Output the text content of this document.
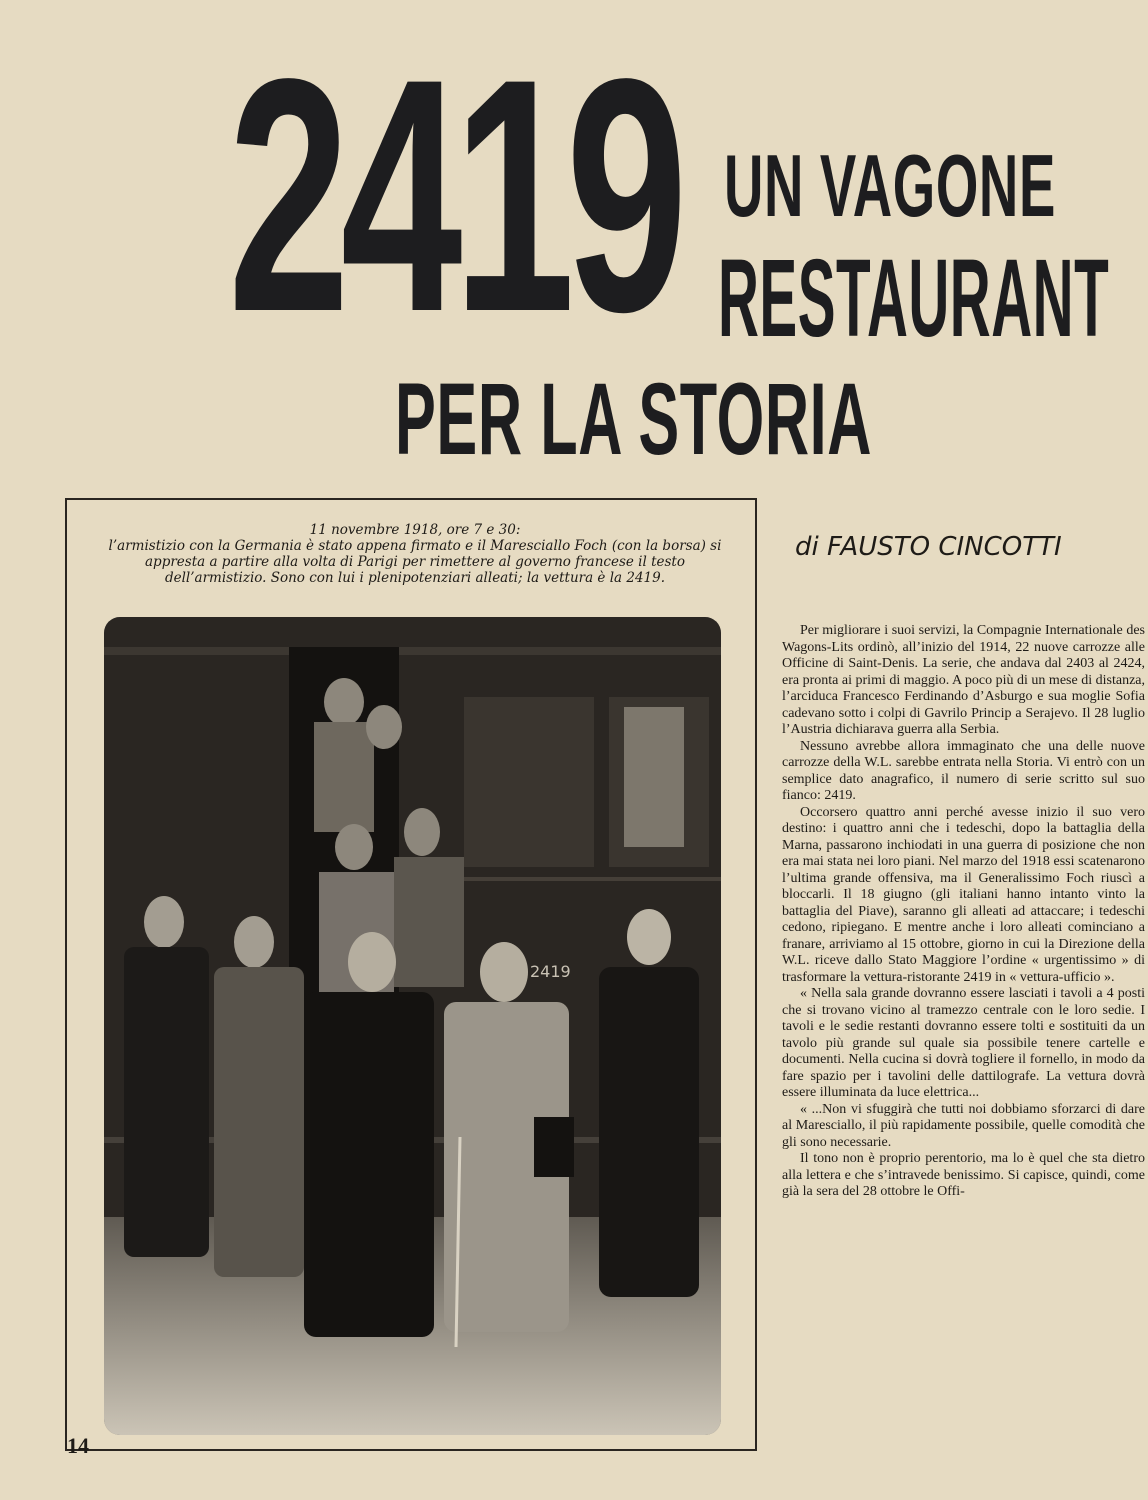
2419 UN VAGONE
RESTAURANT
PER LA STORIA

11 novembre 1918, ore 7 e 30:

l’armistizio con la Germania è stato appena firmato e il Maresciallo Foch (con la borsa) si appresta a partire alla volta di Parigi per rimettere al governo francese il testo dell’armistizio. Sono con lui i plenipotenziari alleati; la vettura è la 2419.

2419
di FAUSTO CINCOTTI

Per migliorare i suoi servizi, la Compagnie Internationale des Wagons-Lits ordinò, all’inizio del 1914, 22 nuove carrozze alle Officine di Saint-Denis. La serie, che andava dal 2403 al 2424, era pronta ai primi di maggio. A poco più di un mese di distanza, l’arciduca Francesco Ferdinando d’Asburgo e sua moglie Sofia cadevano sotto i colpi di Gavrilo Princip a Serajevo. Il 28 luglio l’Austria dichiarava guerra alla Serbia.

Nessuno avrebbe allora immaginato che una delle nuove carrozze della W.L. sarebbe entrata nella Storia. Vi entrò con un semplice dato anagrafico, il numero di serie scritto sul suo fianco: 2419.

Occorsero quattro anni perché avesse inizio il suo vero destino: i quattro anni che i tedeschi, dopo la battaglia della Marna, passarono inchiodati in una guerra di posizione che non era mai stata nei loro piani. Nel marzo del 1918 essi scatenarono l’ultima grande offensiva, ma il Generalissimo Foch riuscì a bloccarli. Il 18 giugno (gli italiani hanno intanto vinto la battaglia del Piave), saranno gli alleati ad attaccare; i tedeschi cedono, ripiegano. E mentre anche i loro alleati cominciano a franare, arriviamo al 15 ottobre, giorno in cui la Direzione della W.L. riceve dallo Stato Maggiore l’ordine « urgentissimo » di trasformare la vettura-ristorante 2419 in « vettura-ufficio ».

« Nella sala grande dovranno essere lasciati i tavoli a 4 posti che si trovano vicino al tramezzo centrale con le loro sedie. I tavoli e le sedie restanti dovranno essere tolti e sostituiti da un tavolo più grande sul quale sia possibile tenere cartelle e documenti. Nella cucina si dovrà togliere il fornello, in modo da fare spazio per i tavolini delle dattilografe. La vettura dovrà essere illuminata da luce elettrica...

« ...Non vi sfuggirà che tutti noi dobbiamo sforzarci di dare al Maresciallo, il più rapidamente possibile, quelle comodità che gli sono necessarie.

Il tono non è proprio perentorio, ma lo è quel che sta dietro alla lettera e che s’intravede benissimo. Si capisce, quindi, come già la sera del 28 ottobre le Offi-

14
